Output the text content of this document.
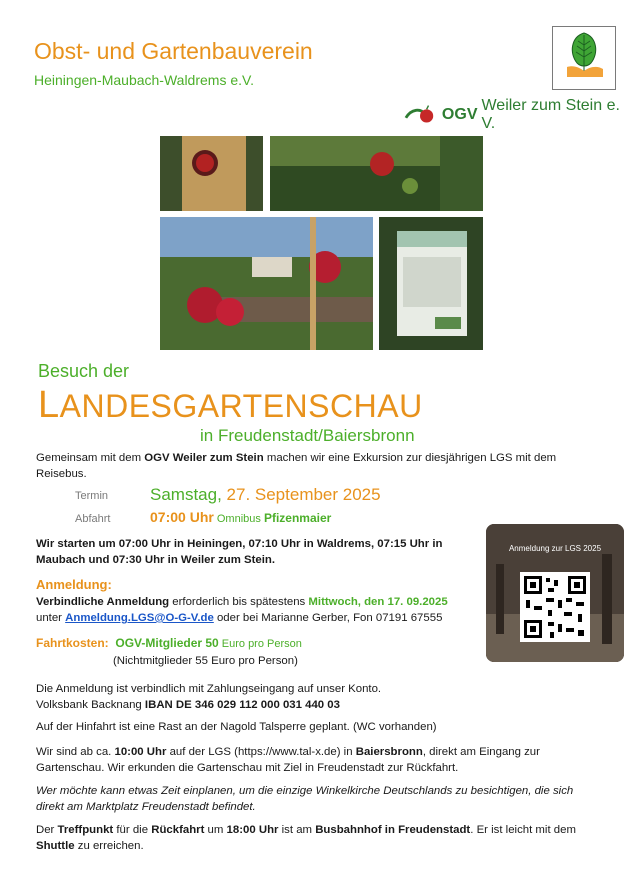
Obst- und Gartenbauverein
Heiningen-Maubach-Waldrems e.V.
OGV
Weiler zum Stein e. V.
Besuch der
LANDESGARTENSCHAU
in Freudenstadt/Baiersbronn
Gemeinsam mit dem OGV Weiler zum Stein machen wir eine Exkursion zur diesjährigen LGS mit dem
Reisebus.
Termin Samstag, 27. September 2025
Abfahrt	07:00 Uhr Omnibus Pfizenmaier
Wir starten um 07:00 Uhr in Heiningen, 07:10 Uhr in Waldrems, 07:15 Uhr in
Maubach und 07:30 Uhr in Weiler zum Stein.
Anmeldung:
Verbindliche Anmeldung erforderlich bis spätestens Mittwoch, den 17. 09.2025
unter Anmeldung.LGS@O-G-V.de oder bei Marianne Gerber, Fon 07191 67555
Fahrtkosten: OGV-Mitglieder 50 Euro pro Person
(Nichtmitglieder 55 Euro pro Person)
Anmeldung zur LGS 2025
Die Anmeldung ist verbindlich mit Zahlungseingang auf unser Konto.
Volksbank Backnang IBAN DE 346 029 112 000 031 440 03
Auf der Hinfahrt ist eine Rast an der Nagold Talsperre geplant. (WC vorhanden)
Wir sind ab ca. 10:00 Uhr auf der LGS (https://www.tal-x.de) in Baiersbronn, direkt am Eingang zur
Gartenschau. Wir erkunden die Gartenschau mit Ziel in Freudenstadt zur Rückfahrt.
Wer möchte kann etwas Zeit einplanen, um die einzige Winkelkirche Deutschlands zu besichtigen, die sich
direkt am Marktplatz Freudenstadt befindet.
Der Treffpunkt für die Rückfahrt um 18:00 Uhr ist am Busbahnhof in Freudenstadt. Er ist leicht mit dem
Shuttle zu erreichen.
